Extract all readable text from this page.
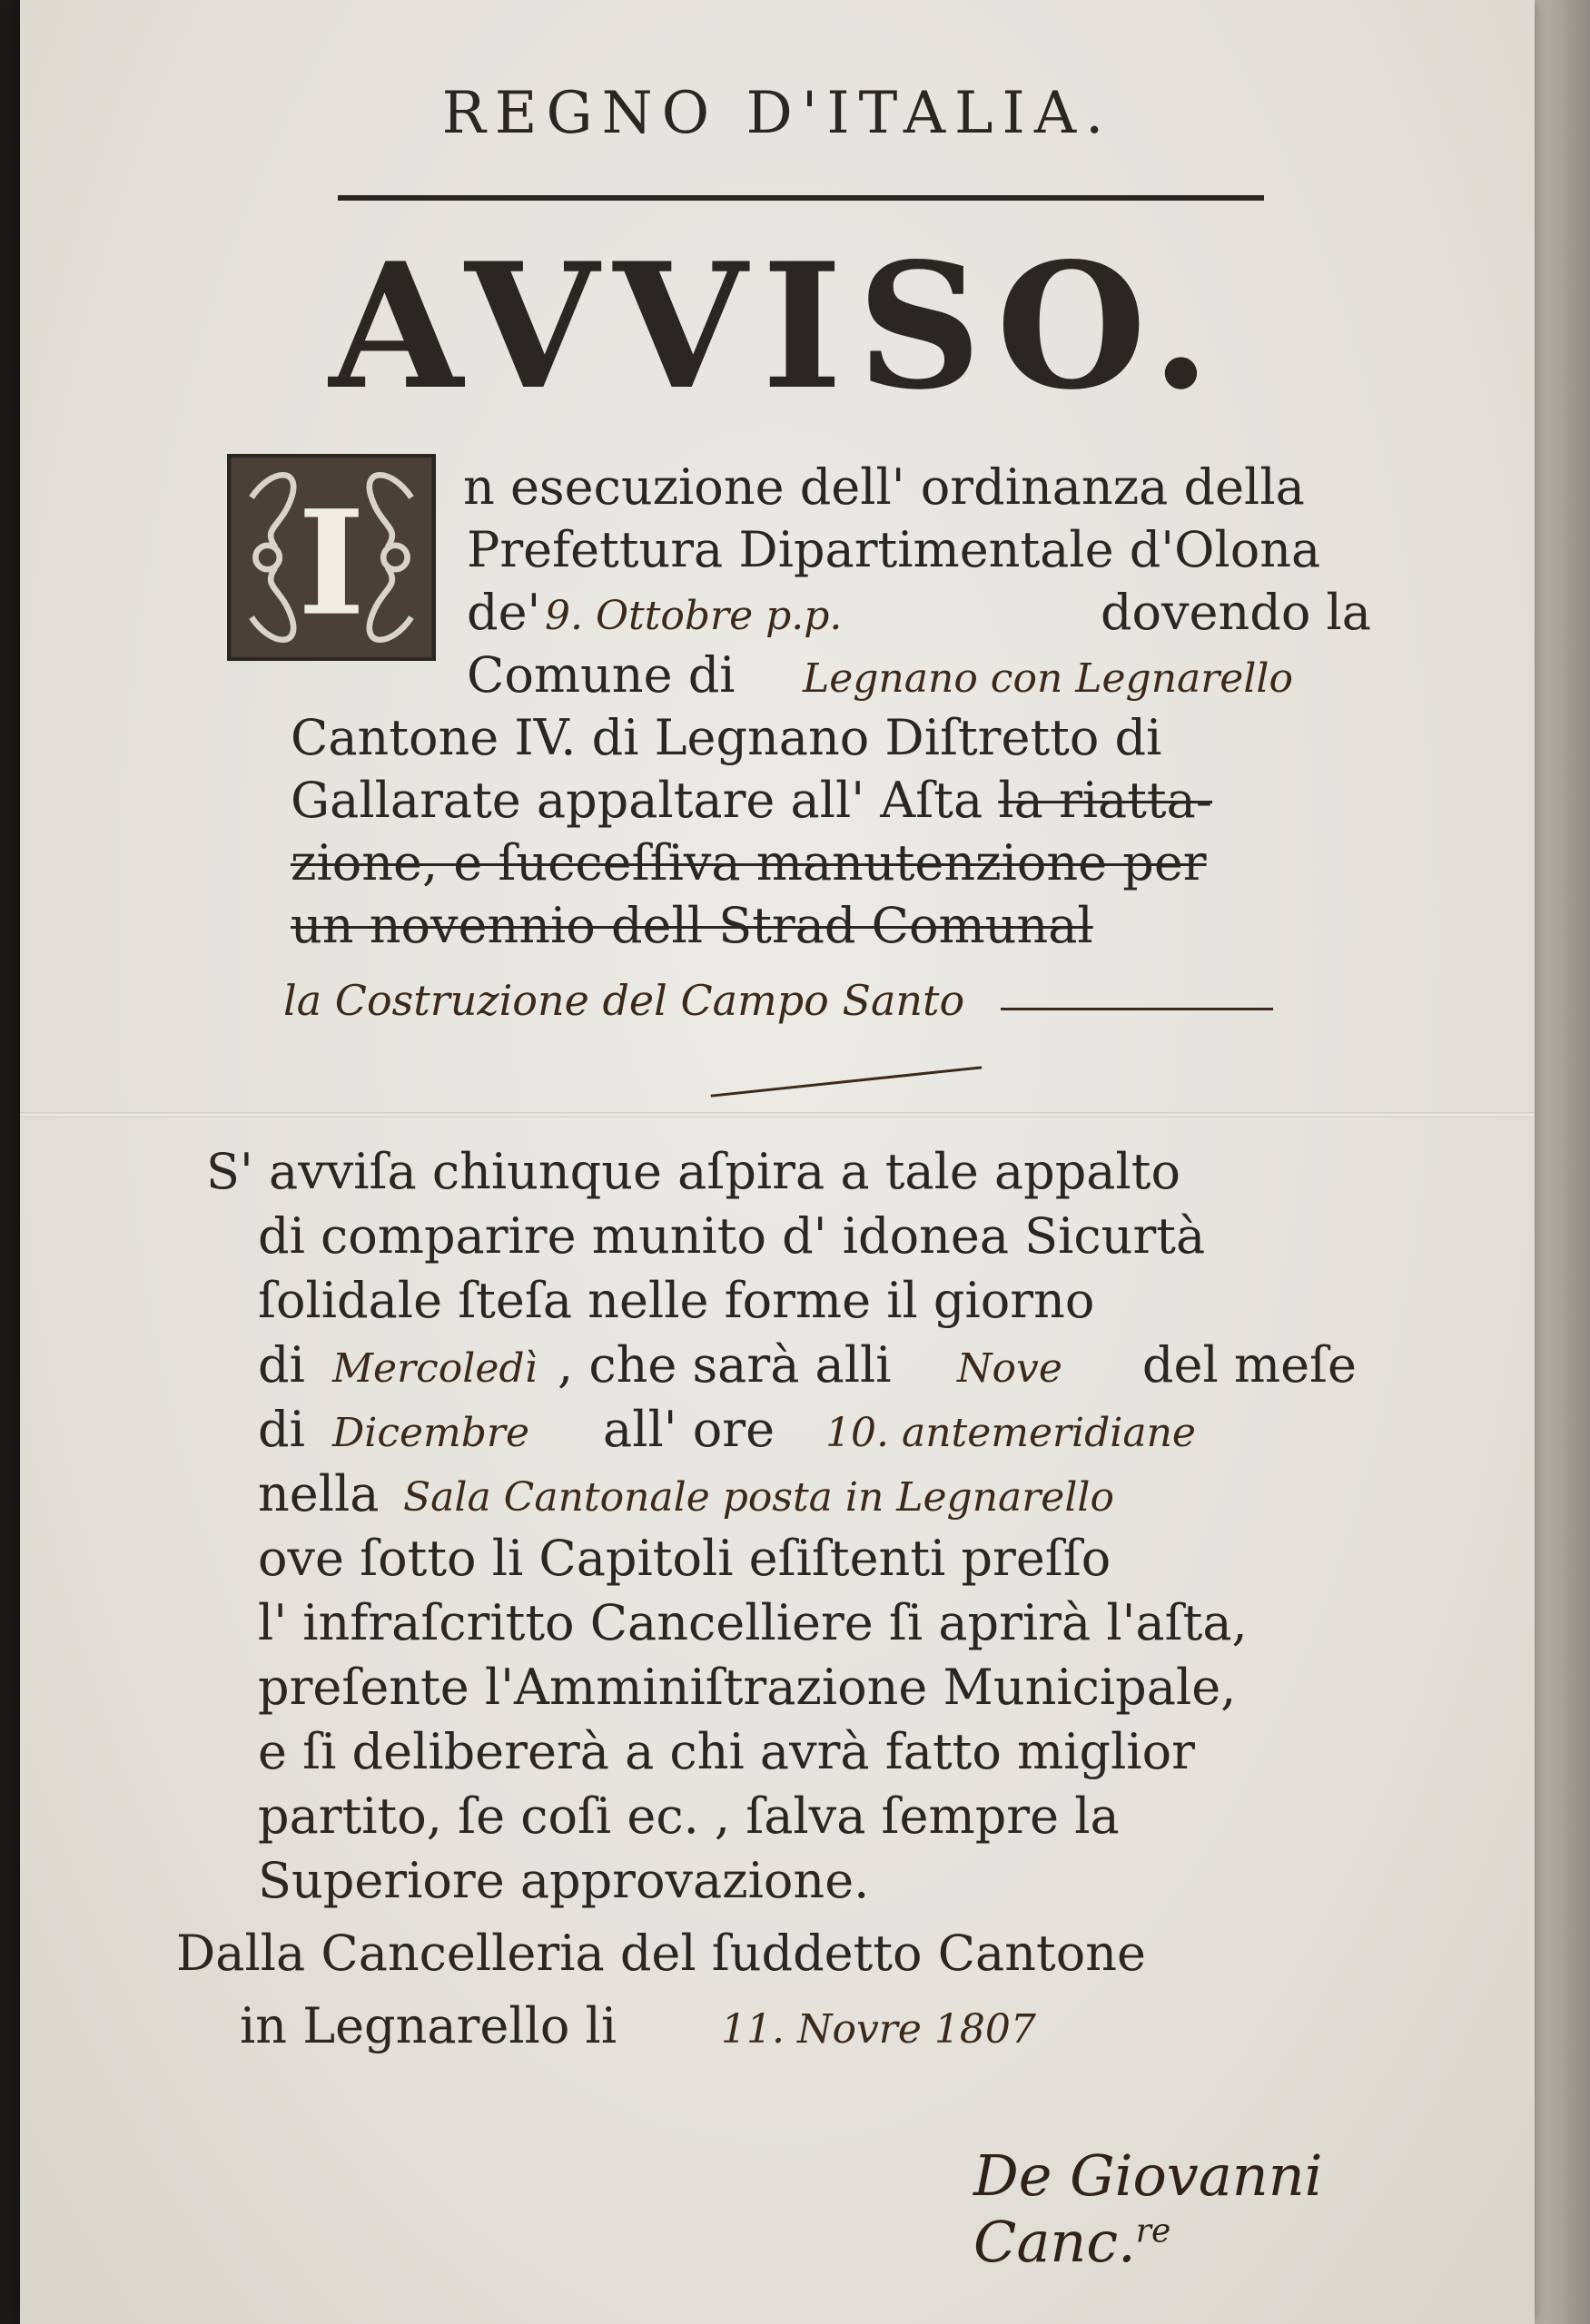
REGNO D'ITALIA.

AVVISO.

I n esecuzione dell' ordinanza della
Prefettura Dipartimentale d'Olona
de' 9. Ottobre p.p.	dovendo la
Comune di Legnano con Legnarello
Cantone IV. di Legnano Diſtretto di
Gallarate appaltare all' Aſta la riatta-
zione, e ſucceſſiva manutenzione per
un novennio dell Strad Comunal
la Costruzione del Campo Santo
S' avviſa chiunque aſpira a tale appalto
di comparire munito d' idonea Sicurtà
ſolidale ſteſa nelle forme il giorno
di Mercoledì , che sarà alli Nove del meſe
di Dicembre all' ore 10. antemeridiane
nella Sala Cantonale posta in Legnarello
ove ſotto li Capitoli eſiſtenti preſſo
l' infraſcritto Cancelliere ſi aprirà l'aſta,
preſente l'Amminiſtrazione Municipale,
e ſi delibererà a chi avrà fatto miglior
partito, ſe coſi ec. , ſalva ſempre la
Superiore approvazione.
Dalla Cancelleria del ſuddetto Cantone
in Legnarello li	11. Novre 1807
De Giovanni Canc.$^{re}$
